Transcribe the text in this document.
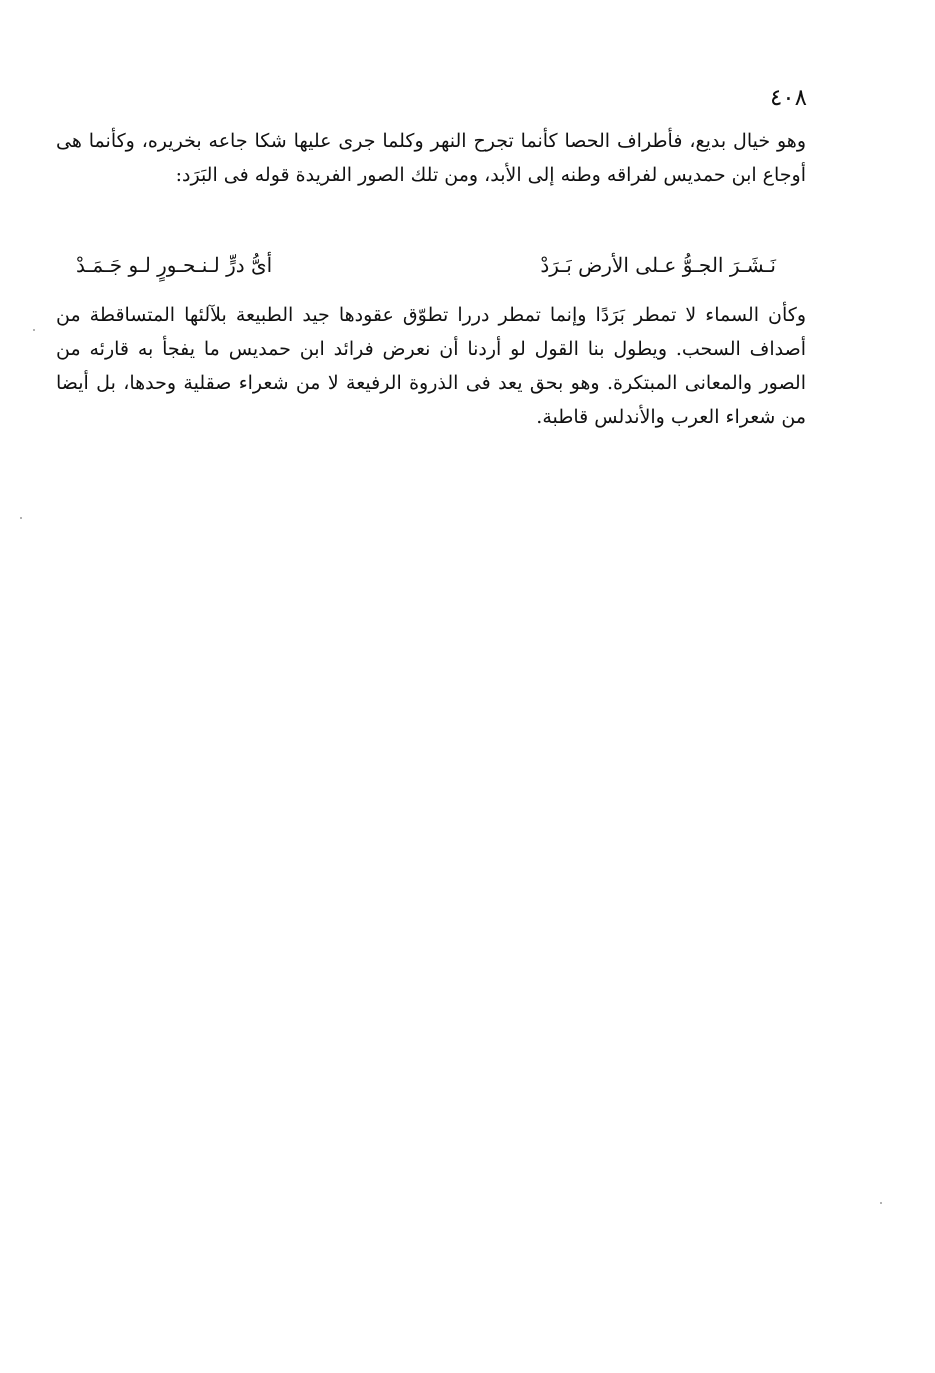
٤٠٨

وهو خيال بديع، فأطراف الحصا كأنما تجرح النهر وكلما جرى عليها شكا جاعه بخريره، وكأنما هى أوجاع ابن حمديس لفراقه وطنه إلى الأبد، ومن تلك الصور الفريدة قوله فى البَرَد:

نَـشَـرَ الجـوُّ عـلى الأرض بَـرَدْ
أىُّ درٍّ لـنـحـورٍ لـو جَـمَـدْ

وكأن السماء لا تمطر بَرَدًا وإنما تمطر دررا تطوّق عقودها جيد الطبيعة بلآلئها المتساقطة من أصداف السحب. ويطول بنا القول لو أردنا أن نعرض فرائد ابن حمديس ما يفجأ به قارئه من الصور والمعانى المبتكرة. وهو بحق يعد فى الذروة الرفيعة لا من شعراء صقلية وحدها، بل أيضا من شعراء العرب والأندلس قاطبة.
